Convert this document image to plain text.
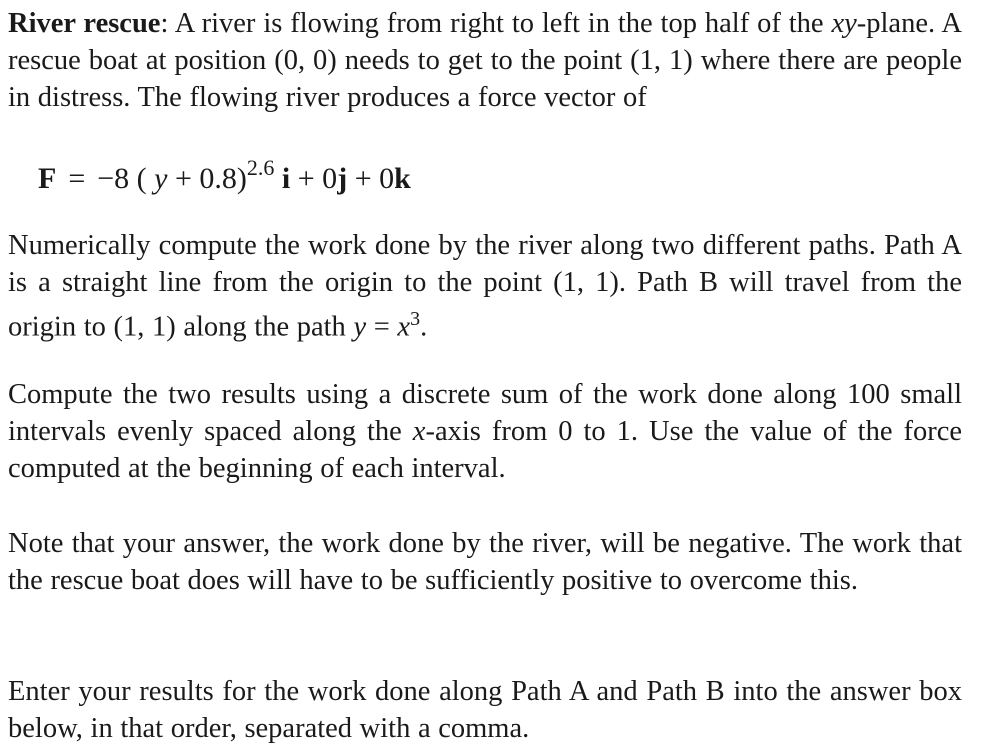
River rescue: A river is flowing from right to left in the top half of the xy-plane. A rescue boat at position (0, 0) needs to get to the point (1, 1) where there are people in distress. The flowing river produces a force vector of

F = −8 ( y + 0.8)$^{2.6}$ i + 0j + 0k

Numerically compute the work done by the river along two different paths. Path A is a straight line from the origin to the point (1, 1). Path B will travel from the origin to (1, 1) along the path $y = x^3$.

Compute the two results using a discrete sum of the work done along 100 small intervals evenly spaced along the x-axis from 0 to 1. Use the value of the force computed at the beginning of each interval.

Note that your answer, the work done by the river, will be negative. The work that the rescue boat does will have to be sufficiently positive to overcome this.

Enter your results for the work done along Path A and Path B into the answer box below, in that order, separated with a comma.
